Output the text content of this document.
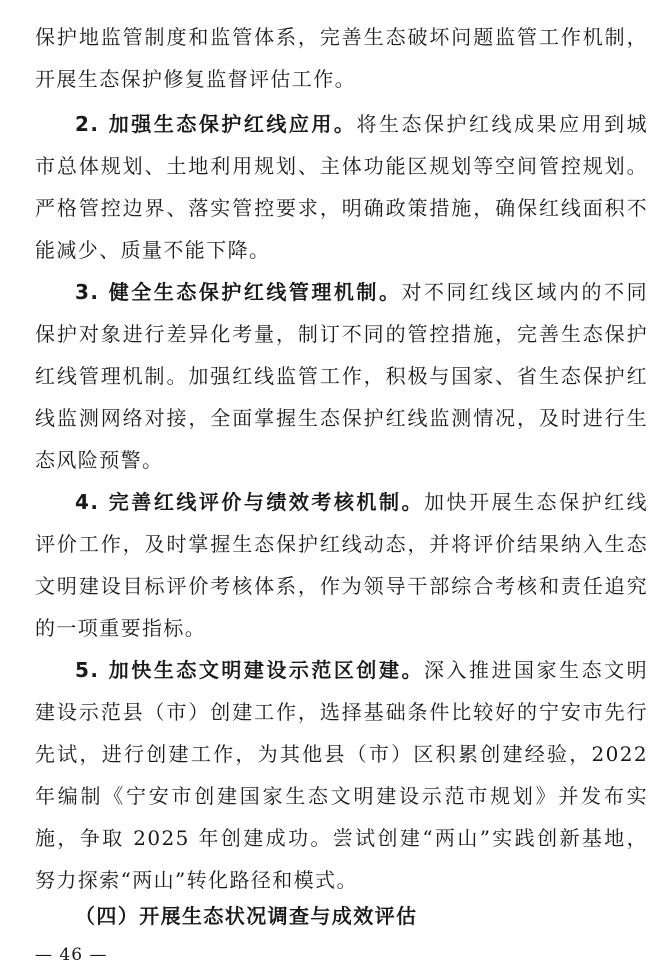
保护地监管制度和监管体系，完善生态破坏问题监管工作机制，
开展生态保护修复监督评估工作。
2. 加强生态保护红线应用。将生态保护红线成果应用到城
市总体规划、土地利用规划、主体功能区规划等空间管控规划。
严格管控边界、落实管控要求，明确政策措施，确保红线面积不
能减少、质量不能下降。
3. 健全生态保护红线管理机制。对不同红线区域内的不同
保护对象进行差异化考量，制订不同的管控措施，完善生态保护
红线管理机制。加强红线监管工作，积极与国家、省生态保护红
线监测网络对接，全面掌握生态保护红线监测情况，及时进行生
态风险预警。
4. 完善红线评价与绩效考核机制。加快开展生态保护红线
评价工作，及时掌握生态保护红线动态，并将评价结果纳入生态
文明建设目标评价考核体系，作为领导干部综合考核和责任追究
的一项重要指标。
5. 加快生态文明建设示范区创建。深入推进国家生态文明
建设示范县（市）创建工作，选择基础条件比较好的宁安市先行
先试，进行创建工作，为其他县（市）区积累创建经验，2022
年编制《宁安市创建国家生态文明建设示范市规划》并发布实
施，争取 2025 年创建成功。尝试创建“两山”实践创新基地，
努力探索“两山”转化路径和模式。
（四）开展生态状况调查与成效评估
— 46 —
